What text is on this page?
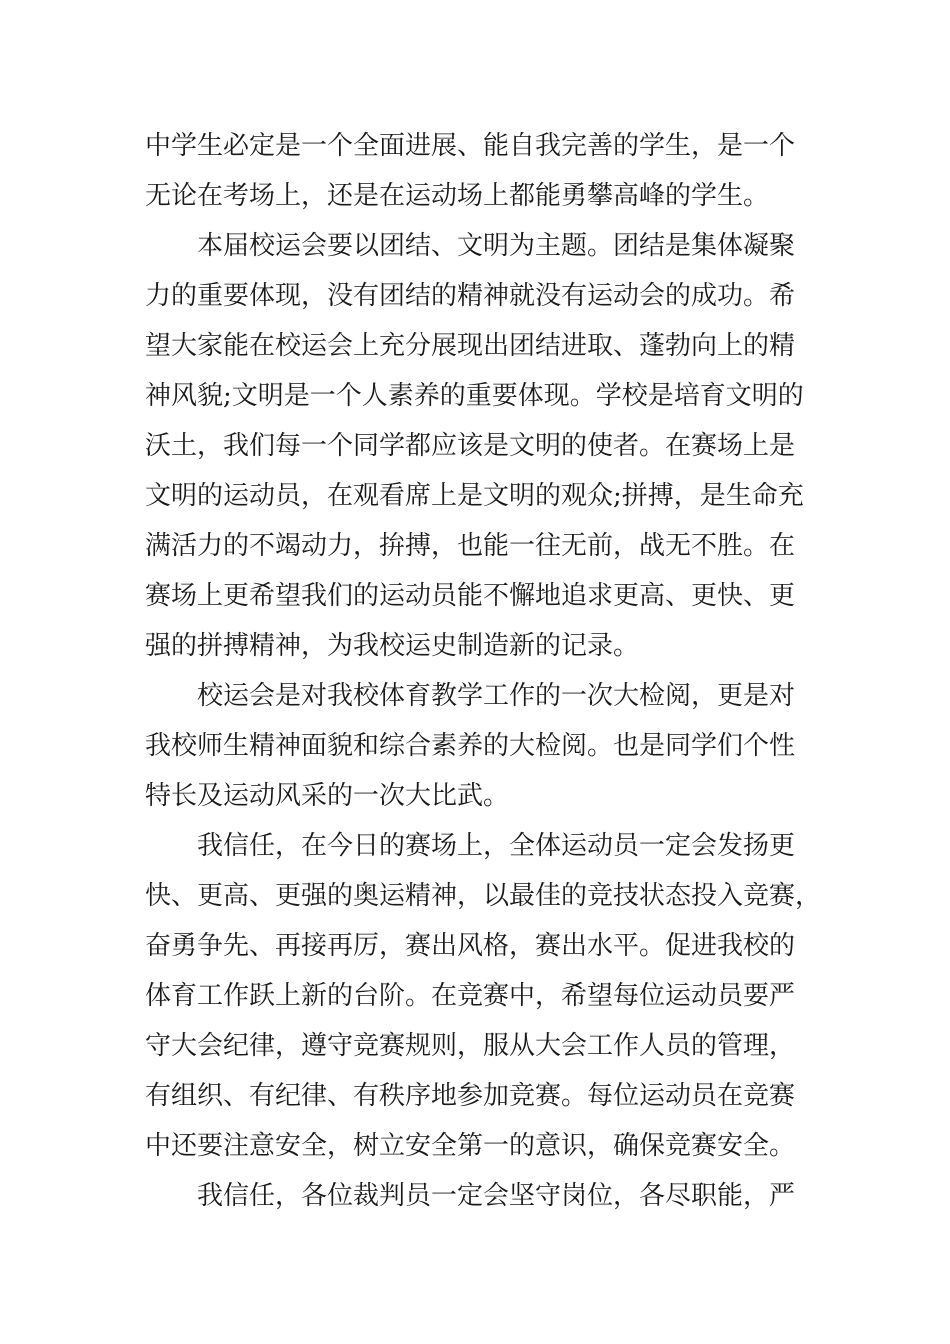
中学生必定是一个全面进展、能自我完善的学生，是一个
无论在考场上，还是在运动场上都能勇攀高峰的学生。
本届校运会要以团结、文明为主题。团结是集体凝聚
力的重要体现，没有团结的精神就没有运动会的成功。希
望大家能在校运会上充分展现出团结进取、蓬勃向上的精
神风貌;文明是一个人素养的重要体现。学校是培育文明的
沃土，我们每一个同学都应该是文明的使者。在赛场上是
文明的运动员，在观看席上是文明的观众;拼搏，是生命充
满活力的不竭动力，拚搏，也能一往无前，战无不胜。在
赛场上更希望我们的运动员能不懈地追求更高、更快、更
强的拼搏精神，为我校运史制造新的记录。
校运会是对我校体育教学工作的一次大检阅，更是对
我校师生精神面貌和综合素养的大检阅。也是同学们个性
特长及运动风采的一次大比武。
我信任，在今日的赛场上，全体运动员一定会发扬更
快、更高、更强的奥运精神，以最佳的竞技状态投入竞赛，
奋勇争先、再接再厉，赛出风格，赛出水平。促进我校的
体育工作跃上新的台阶。在竞赛中，希望每位运动员要严
守大会纪律，遵守竞赛规则，服从大会工作人员的管理，
有组织、有纪律、有秩序地参加竞赛。每位运动员在竞赛
中还要注意安全，树立安全第一的意识，确保竞赛安全。
我信任，各位裁判员一定会坚守岗位，各尽职能，严
